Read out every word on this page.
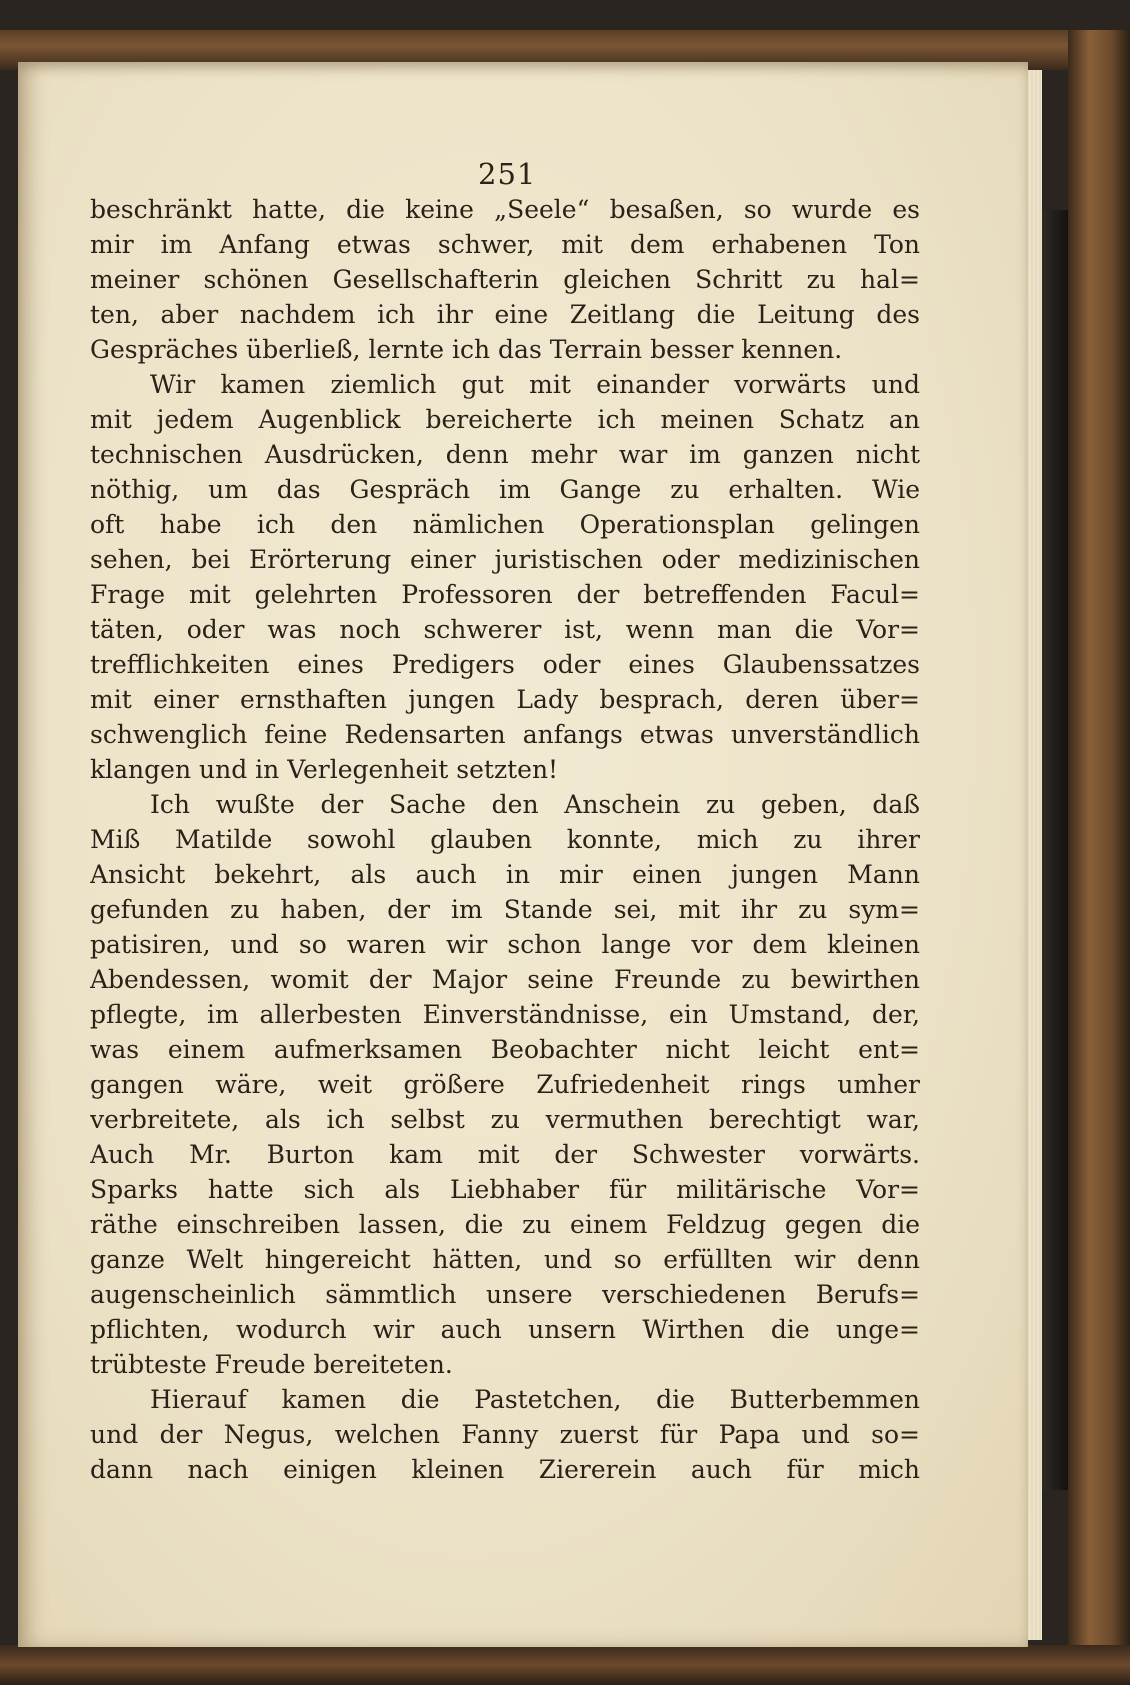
251
beschränkt hatte, die keine „Seele“ besaßen, so wurde es
mir im Anfang etwas schwer, mit dem erhabenen Ton
meiner schönen Gesellschafterin gleichen Schritt zu hal=
ten, aber nachdem ich ihr eine Zeitlang die Leitung des
Gespräches überließ, lernte ich das Terrain besser kennen.
Wir kamen ziemlich gut mit einander vorwärts und
mit jedem Augenblick bereicherte ich meinen Schatz an
technischen Ausdrücken, denn mehr war im ganzen nicht
nöthig, um das Gespräch im Gange zu erhalten. Wie
oft habe ich den nämlichen Operationsplan gelingen
sehen, bei Erörterung einer juristischen oder medizinischen
Frage mit gelehrten Professoren der betreffenden Facul=
täten, oder was noch schwerer ist, wenn man die Vor=
trefflichkeiten eines Predigers oder eines Glaubenssatzes
mit einer ernsthaften jungen Lady besprach, deren über=
schwenglich feine Redensarten anfangs etwas unverständlich
klangen und in Verlegenheit setzten!
Ich wußte der Sache den Anschein zu geben, daß
Miß Matilde sowohl glauben konnte, mich zu ihrer
Ansicht bekehrt, als auch in mir einen jungen Mann
gefunden zu haben, der im Stande sei, mit ihr zu sym=
patisiren, und so waren wir schon lange vor dem kleinen
Abendessen, womit der Major seine Freunde zu bewirthen
pflegte, im allerbesten Einverständnisse, ein Umstand, der,
was einem aufmerksamen Beobachter nicht leicht ent=
gangen wäre, weit größere Zufriedenheit rings umher
verbreitete, als ich selbst zu vermuthen berechtigt war,
Auch Mr. Burton kam mit der Schwester vorwärts.
Sparks hatte sich als Liebhaber für militärische Vor=
räthe einschreiben lassen, die zu einem Feldzug gegen die
ganze Welt hingereicht hätten, und so erfüllten wir denn
augenscheinlich sämmtlich unsere verschiedenen Berufs=
pflichten, wodurch wir auch unsern Wirthen die unge=
trübteste Freude bereiteten.
Hierauf kamen die Pastetchen, die Butterbemmen
und der Negus, welchen Fanny zuerst für Papa und so=
dann nach einigen kleinen Ziererein auch für mich
